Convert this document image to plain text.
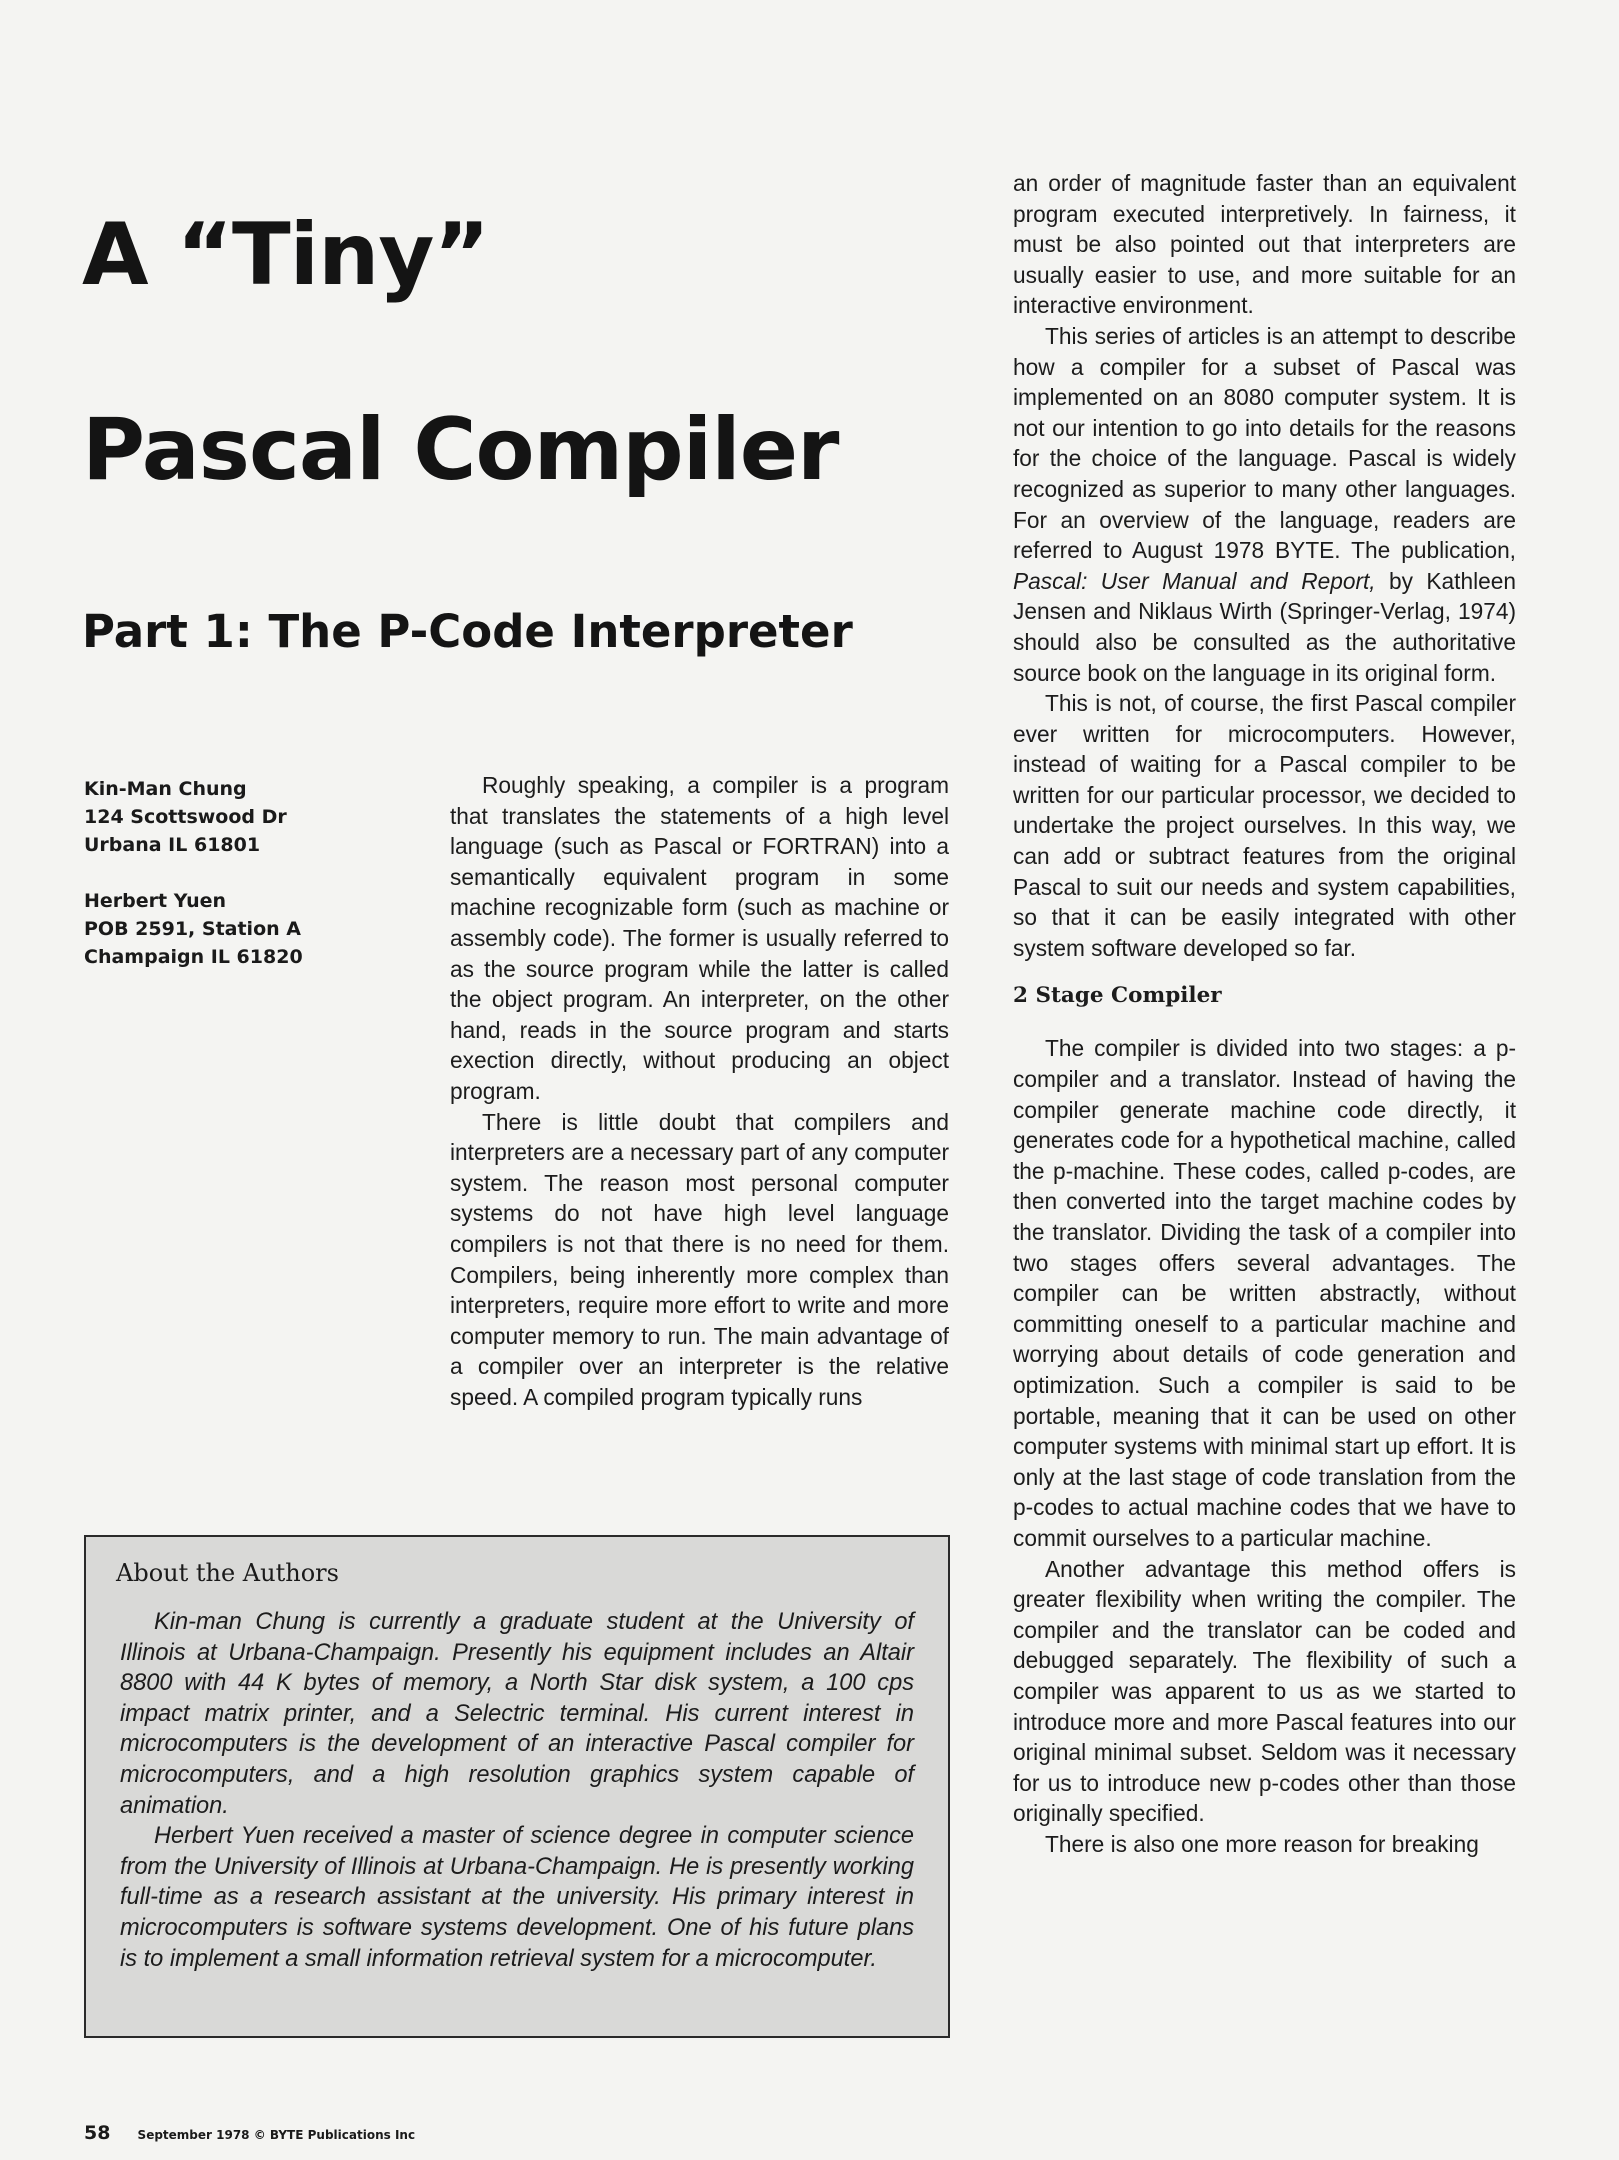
A “Tiny”
Pascal Compiler
Part 1: The P-Code Interpreter
Kin-Man Chung
124 Scottswood Dr
Urbana IL 61801
Herbert Yuen
POB 2591, Station A
Champaign IL 61820

Roughly speaking, a compiler is a program that translates the statements of a high level language (such as Pascal or FORTRAN) into a semantically equivalent program in some machine recognizable form (such as machine or assembly code). The former is usually referred to as the source program while the latter is called the object program. An interpreter, on the other hand, reads in the source program and starts exection directly, without producing an object program.

There is little doubt that compilers and interpreters are a necessary part of any computer system. The reason most personal computer systems do not have high level language compilers is not that there is no need for them. Compilers, being inherently more complex than interpreters, require more effort to write and more computer memory to run. The main advantage of a compiler over an interpreter is the relative speed. A compiled program typically runs

an order of magnitude faster than an equivalent program executed interpretively. In fairness, it must be also pointed out that interpreters are usually easier to use, and more suitable for an interactive environment.

This series of articles is an attempt to describe how a compiler for a subset of Pascal was implemented on an 8080 computer system. It is not our intention to go into details for the reasons for the choice of the language. Pascal is widely recognized as superior to many other languages. For an overview of the language, readers are referred to August 1978 BYTE. The publication, Pascal: User Manual and Report, by Kathleen Jensen and Niklaus Wirth (Springer-Verlag, 1974) should also be consulted as the authoritative source book on the language in its original form.

This is not, of course, the first Pascal compiler ever written for microcomputers. However, instead of waiting for a Pascal compiler to be written for our particular processor, we decided to undertake the project ourselves. In this way, we can add or subtract features from the original Pascal to suit our needs and system capabilities, so that it can be easily integrated with other system software developed so far.

2 Stage Compiler

The compiler is divided into two stages: a p-compiler and a translator. Instead of having the compiler generate machine code directly, it generates code for a hypothetical machine, called the p-machine. These codes, called p-codes, are then converted into the target machine codes by the translator. Dividing the task of a compiler into two stages offers several advantages. The compiler can be written abstractly, without committing oneself to a particular machine and worrying about details of code generation and optimization. Such a compiler is said to be portable, meaning that it can be used on other computer systems with minimal start up effort. It is only at the last stage of code translation from the p-codes to actual machine codes that we have to commit ourselves to a particular machine.

Another advantage this method offers is greater flexibility when writing the compiler. The compiler and the translator can be coded and debugged separately. The flexibility of such a compiler was apparent to us as we started to introduce more and more Pascal features into our original minimal subset. Seldom was it necessary for us to introduce new p-codes other than those originally specified.

There is also one more reason for breaking

About the Authors

Kin-man Chung is currently a graduate student at the University of Illinois at Urbana-Champaign. Presently his equipment includes an Altair 8800 with 44 K bytes of memory, a North Star disk system, a 100 cps impact matrix printer, and a Selectric terminal. His current interest in microcomputers is the development of an interactive Pascal compiler for microcomputers, and a high resolution graphics system capable of animation.

Herbert Yuen received a master of science degree in computer science from the University of Illinois at Urbana-Champaign. He is presently working full-time as a research assistant at the university. His primary interest in microcomputers is software systems development. One of his future plans is to implement a small information retrieval system for a microcomputer.

58 September 1978 © BYTE Publications Inc
